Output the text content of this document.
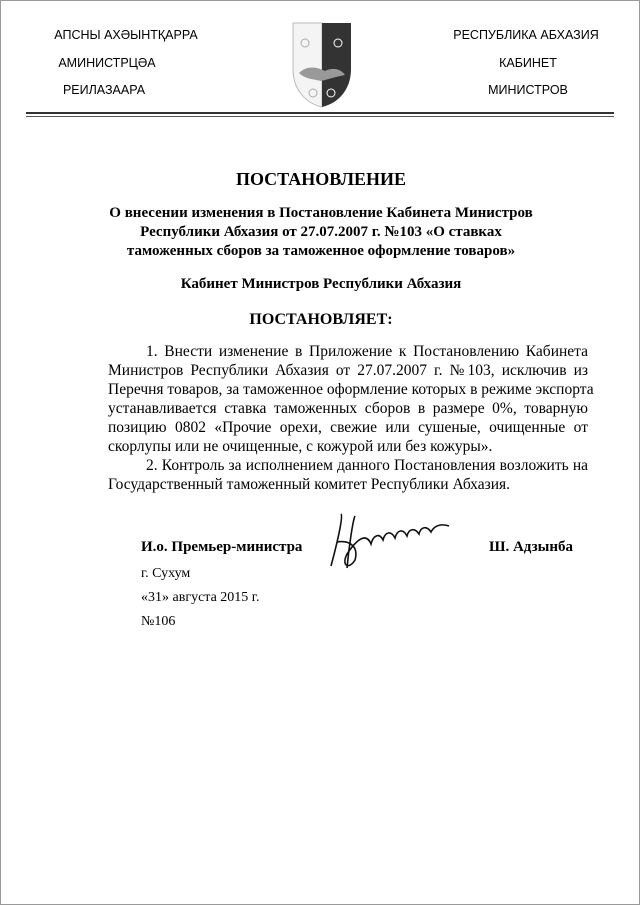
АПСНЫ АХӘЫНТҚАРРА
АМИНИСТРЦӘА
РЕИЛАЗААРА
РЕСПУБЛИКА АБХАЗИЯ
КАБИНЕТ
МИНИСТРОВ
ПОСТАНОВЛЕНИЕ
О внесении изменения в Постановление Кабинета Министров
Республики Абхазия от 27.07.2007 г. №103 «О ставках
таможенных сборов за таможенное оформление товаров»
Кабинет Министров Республики Абхазия
ПОСТАНОВЛЯЕТ:
1. Внести изменение в Приложение к Постановлению Кабинета
Министров Республики Абхазия от 27.07.2007 г. №103, исключив из
Перечня товаров, за таможенное оформление которых в режиме экспорта
устанавливается ставка таможенных сборов в размере 0%, товарную
позицию 0802 «Прочие орехи, свежие или сушеные, очищенные от
скорлупы или не очищенные, с кожурой или без кожуры».
2. Контроль за исполнением данного Постановления возложить на
Государственный таможенный комитет Республики Абхазия.
И.о. Премьер-министра	Ш. Адзынба
г. Сухум
«31» августа 2015 г.
№106
